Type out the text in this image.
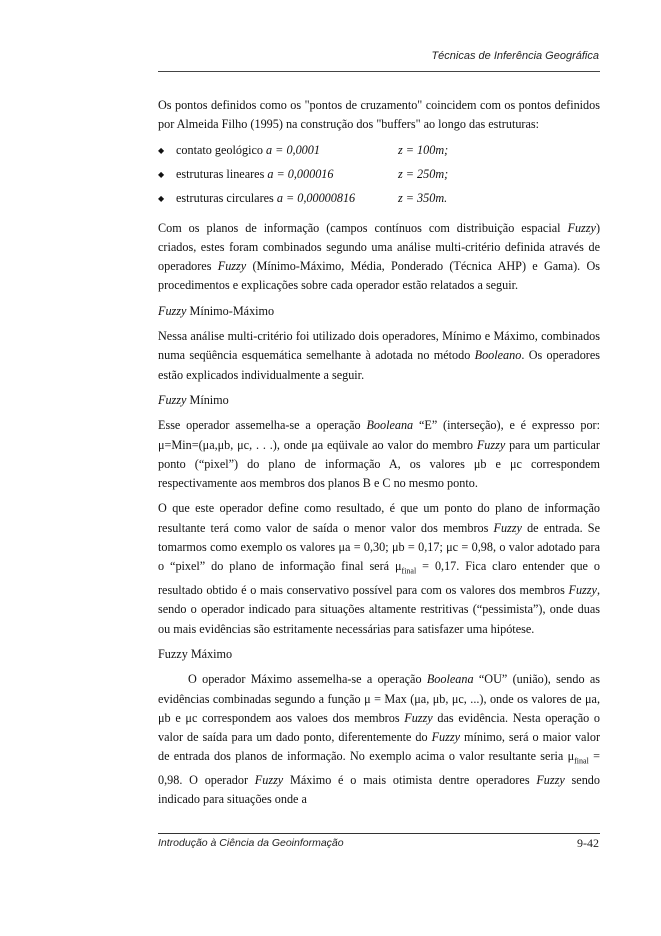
Técnicas de Inferência Geográfica

Os pontos definidos como os "pontos de cruzamento" coincidem com os pontos definidos por Almeida Filho (1995) na construção dos "buffers" ao longo das estruturas:

◆ contato geológico a = 0,0001	z = 100m;
◆ estruturas lineares a = 0,000016	z = 250m;
◆ estruturas circulares a = 0,00000816	z = 350m.

Com os planos de informação (campos contínuos com distribuição espacial Fuzzy) criados, estes foram combinados segundo uma análise multi-critério definida através de operadores Fuzzy (Mínimo-Máximo, Média, Ponderado (Técnica AHP) e Gama). Os procedimentos e explicações sobre cada operador estão relatados a seguir.

Fuzzy Mínimo-Máximo

Nessa análise multi-critério foi utilizado dois operadores, Mínimo e Máximo, combinados numa seqüência esquemática semelhante à adotada no método Booleano. Os operadores estão explicados individualmente a seguir.

Fuzzy Mínimo

Esse operador assemelha-se a operação Booleana “E” (interseção), e é expresso por: μ=Min=(μa,μb, μc, . . .), onde μa eqüivale ao valor do membro Fuzzy para um particular ponto (“pixel”) do plano de informação A, os valores μb e μc correspondem respectivamente aos membros dos planos B e C no mesmo ponto.

O que este operador define como resultado, é que um ponto do plano de informação resultante terá como valor de saída o menor valor dos membros Fuzzy de entrada. Se tomarmos como exemplo os valores μa = 0,30; μb = 0,17; μc = 0,98, o valor adotado para o “pixel” do plano de informação final será $\mu_{final} = 0,17$. Fica claro entender que o resultado obtido é o mais conservativo possível para com os valores dos membros Fuzzy, sendo o operador indicado para situações altamente restritivas (“pessimista”), onde duas ou mais evidências são estritamente necessárias para satisfazer uma hipótese.

Fuzzy Máximo

O operador Máximo assemelha-se a operação Booleana “OU” (união), sendo as evidências combinadas segundo a função μ = Max (μa, μb, μc, ...), onde os valores de μa, μb e μc correspondem aos valoes dos membros Fuzzy das evidência. Nesta operação o valor de saída para um dado ponto, diferentemente do Fuzzy mínimo, será o maior valor de entrada dos planos de informação. No exemplo acima o valor resultante seria $\mu_{final} = 0,98$. O operador Fuzzy Máximo é o mais otimista dentre operadores Fuzzy sendo indicado para situações onde a

Introdução à Ciência da Geoinformação	9-42
